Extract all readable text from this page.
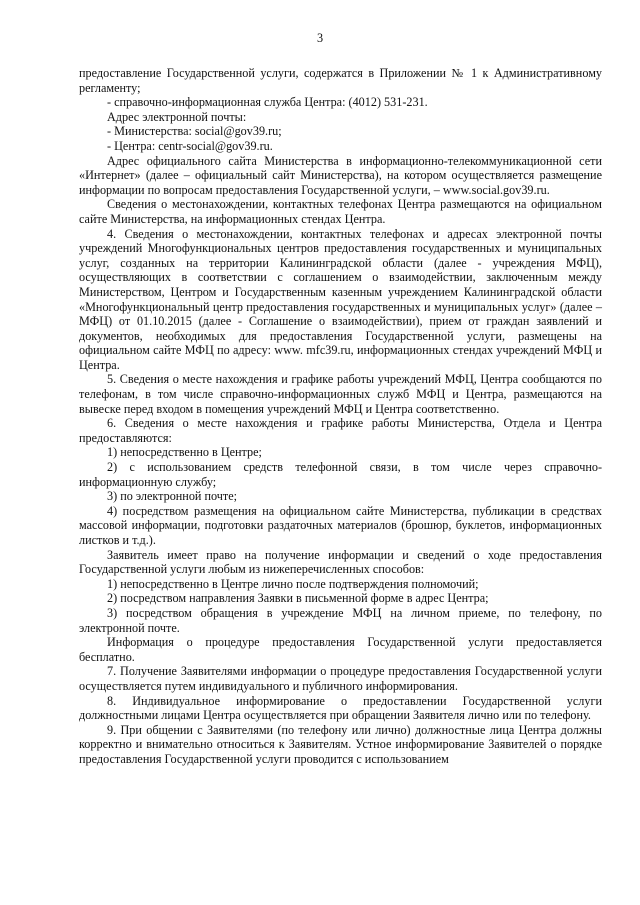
3

предоставление Государственной услуги, содержатся в Приложении № 1 к Административному регламенту;

- справочно-информационная служба Центра: (4012) 531-231.

Адрес электронной почты:

- Министерства: social@gov39.ru;

- Центра: centr-social@gov39.ru.

Адрес официального сайта Министерства в информационно-телекоммуникационной сети «Интернет» (далее – официальный сайт Министерства), на котором осуществляется размещение информации по вопросам предоставления Государственной услуги, – www.social.gov39.ru.

Сведения о местонахождении, контактных телефонах Центра размещаются на официальном сайте Министерства, на информационных стендах Центра.

4. Сведения о местонахождении, контактных телефонах и адресах электронной почты учреждений Многофункциональных центров предоставления государственных и муниципальных услуг, созданных на территории Калининградской области (далее - учреждения МФЦ), осуществляющих в соответствии с соглашением о взаимодействии, заключенным между Министерством, Центром и Государственным казенным учреждением Калининградской области «Многофункциональный центр предоставления государственных и муниципальных услуг» (далее – МФЦ) от 01.10.2015 (далее - Соглашение о взаимодействии), прием от граждан заявлений и документов, необходимых для предоставления Государственной услуги, размещены на официальном сайте МФЦ по адресу: www. mfc39.ru, информационных стендах учреждений МФЦ и Центра.

5. Сведения о месте нахождения и графике работы учреждений МФЦ, Центра сообщаются по телефонам, в том числе справочно-информационных служб МФЦ и Центра, размещаются на вывеске перед входом в помещения учреждений МФЦ и Центра соответственно.

6. Сведения о месте нахождения и графике работы Министерства, Отдела и Центра предоставляются:

1) непосредственно в Центре;

2) с использованием средств телефонной связи, в том числе через справочно-информационную службу;

3) по электронной почте;

4) посредством размещения на официальном сайте Министерства, публикации в средствах массовой информации, подготовки раздаточных материалов (брошюр, буклетов, информационных листков и т.д.).

Заявитель имеет право на получение информации и сведений о ходе предоставления Государственной услуги любым из нижеперечисленных способов:

1) непосредственно в Центре лично после подтверждения полномочий;

2) посредством направления Заявки в письменной форме в адрес Центра;

3) посредством обращения в учреждение МФЦ на личном приеме, по телефону, по электронной почте.

Информация о процедуре предоставления Государственной услуги предоставляется бесплатно.

7. Получение Заявителями информации о процедуре предоставления Государственной услуги осуществляется путем индивидуального и публичного информирования.

8. Индивидуальное информирование о предоставлении Государственной услуги должностными лицами Центра осуществляется при обращении Заявителя лично или по телефону.

9. При общении с Заявителями (по телефону или лично) должностные лица Центра должны корректно и внимательно относиться к Заявителям. Устное информирование Заявителей о порядке предоставления Государственной услуги проводится с использованием
